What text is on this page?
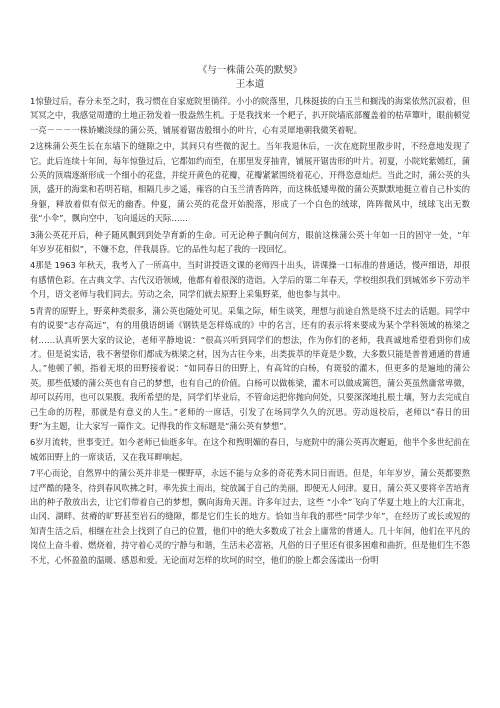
《与一株蒲公英的默契》

王本道

1惊蛰过后，春分未至之时，我习惯在自家庭院里徜徉。小小的院落里，几株挺拔的白玉兰和搁浅的海棠依然沉寂着，但冥冥之中，我感觉周遭的土地正勃发着一股盎然生机。于是我找来一个耙子，扒开院墙底部覆盖着的枯草簟叶，眼前顿觉一亮－－－一株娇嫩淡绿的蒲公英，铺展着锯齿般细小的叶片，心有灵犀地朝我微笑着呢。

2这株蒲公英生长在东墙下的缝隙之中，其间只有些微的泥土。当年我退休后，一次在庭院里散步时，不经意地发现了它。此后连续十年间，每年惊蛰过后，它都如约而至，在那里发芽抽青，铺展开锯齿形的叶片。初夏，小院姹紫嫣红，蒲公英的顶端逐渐形成一个细小的花盘，并绽开黄色的花瓣，花瓣紧紧围绕着花心，开得恣意灿烂。当此之时，蒲公英的头顶，盛开的海棠和若明若暗，相隔几步之遥，雍容的白玉兰清香阵阵，而这株低矮卑微的蒲公英默默地挺立着自己朴实的身躯，释放着似有似无的幽香。仲夏，蒲公英的花盘开始脱落，形成了一个白色的绒球，阵阵微风中，绒球飞出无数张“小伞”，飘向空中，飞向遥远的天际……

3蒲公英花开后，种子随风飘到到处孕育新的生命。可无论种子飘向何方，眼前这株蒲公英十年如一日的固守一处，“年年岁岁花相似”，不嫌不怠，伴我晨昏。它的品性勾起了我的一段回忆。

4那是 1963 年秋天，我考入了一所高中。当时讲授语文课的老师四十出头，讲课操一口标准的普通话，慢声细语，却很有感情色彩。在古典文学、古代汉语领域，他都有着很深的造诣。入学后的第二年春天，学校组织我们到城郊乡下劳动半个月，语文老师与我们同去。劳动之余，同学们就去原野上采集野菜，他也参与其中。

5青青的原野上，野菜种类很多，蒲公英也随处可见。采集之际，师生谈笑，理想与前途自然是绕不过去的话题。同学中有的说要“志存高远”，有的用俄语朗诵《钢铁是怎样炼成的》中的名言，还有的表示将来要成为某个学科领域的栋梁之材……认真听罢大家的议论，老师平静地说：“很高兴听到同学们的想法，作为你们的老师，我真诚地希望看到你们成才。但是说实话，我不奢望你们都成为栋梁之材，因为古往今来，出类拔萃的毕竟是少数，大多数只能是普普通通的普通人。”他顿了顿，指着无垠的田野接着说：“如同春日的田野上，有高耸的白杨，有斑驳的灌木，但更多的是遍地的蒲公英。那些低矮的蒲公英也有自己的梦想，也有自己的价值。白杨可以做栋梁，灌木可以做成篱笆，蒲公英虽然庸常卑微，却可以药用，也可以果腹。我所希望的是，同学们毕业后，不管命运把你抛向何处，只要深深地扎根土壤，努力去完成自己生命的历程，那就是有意义的人生。”老师的一席话，引发了在场同学久久的沉思。劳动返校后，老师以“春日的田野”为主题，让大家写一篇作文。记得我的作文标题是“蒲公英有梦想”。

6岁月流转，世事变迁。如今老师已仙逝多年。在这个和煦明媚的春日，与庭院中的蒲公英再次邂逅，他半个多世纪前在城郊田野上的一席谈话，又在我耳畔响起。

7平心而论，自然界中的蒲公英并非是一棵野草，永远不能与众多的奇花秀木同日而语。但是，年年岁岁，蒲公英都要熬过严酷的隆冬，待到春风吹拂之时，率先拔土而出，绽放属于自己的美丽，即便无人问津。夏日，蒲公英又要将辛苦培育出的种子散放出去，让它们带着自己的梦想，飘向海角天涯。许多年过去，这些 “小伞”飞向了华夏土地上的大江南北，山冈、湖畔、贫瘠的旷野甚至岩石的缝隙，都是它们生长的地方。恰如当年我的那些“同学少年”，在经历了或长或短的知青生活之后，相继在社会上找到了自己的位置，他们中的绝大多数成了社会上庸常的普通人。几十年间，他们在平凡的岗位上奋斗着、燃烧着，持守着心灵的宁静与和谐，生活未必富裕，凡俗的日子里还有很多困难和曲折，但是他们生不怨不尤，心怀盈盈的温暖、感恩和爱。无论面对怎样的坎坷的时空，他们的脸上都会荡漾出一份明
